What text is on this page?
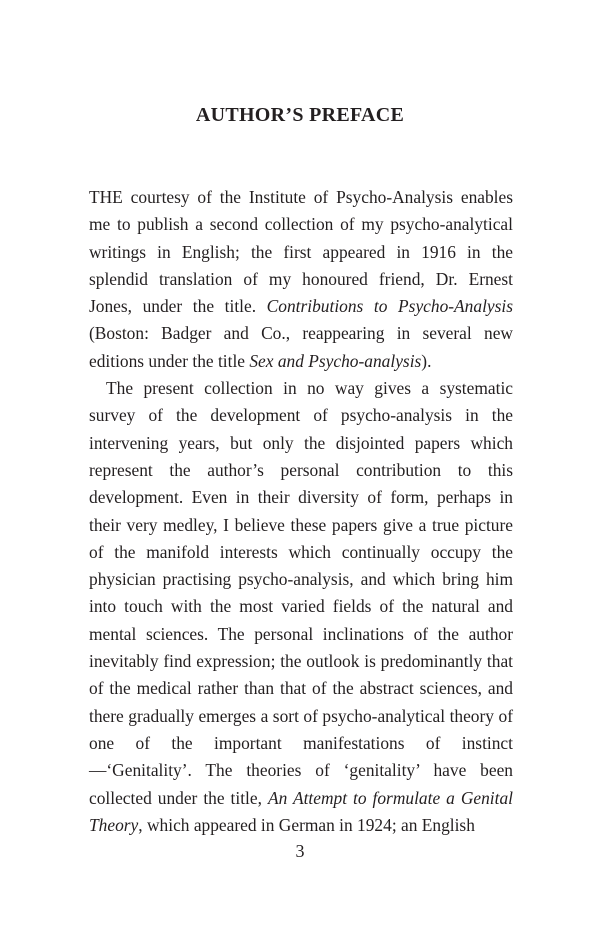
AUTHOR’S PREFACE

THE courtesy of the Institute of Psycho-Analysis enables me to publish a second collection of my psycho-analytical writings in English; the first appeared in 1916 in the splendid translation of my honoured friend, Dr. Ernest Jones, under the title. Contributions to Psycho-Analysis (Boston: Badger and Co., reappearing in several new editions under the title Sex and Psycho-analysis).

The present collection in no way gives a systematic survey of the development of psycho-analysis in the intervening years, but only the disjointed papers which represent the author’s personal contribution to this development. Even in their diversity of form, perhaps in their very medley, I believe these papers give a true picture of the manifold interests which continually occupy the physician practising psycho-analysis, and which bring him into touch with the most varied fields of the natural and mental sciences. The personal inclinations of the author inevitably find expression; the outlook is predominantly that of the medical rather than that of the abstract sciences, and there gradually emerges a sort of psycho-analytical theory of one of the important manifestations of instinct—‘Genitality’. The theories of ‘genitality’ have been collected under the title, An Attempt to formulate a Genital Theory, which appeared in German in 1924; an English

3
